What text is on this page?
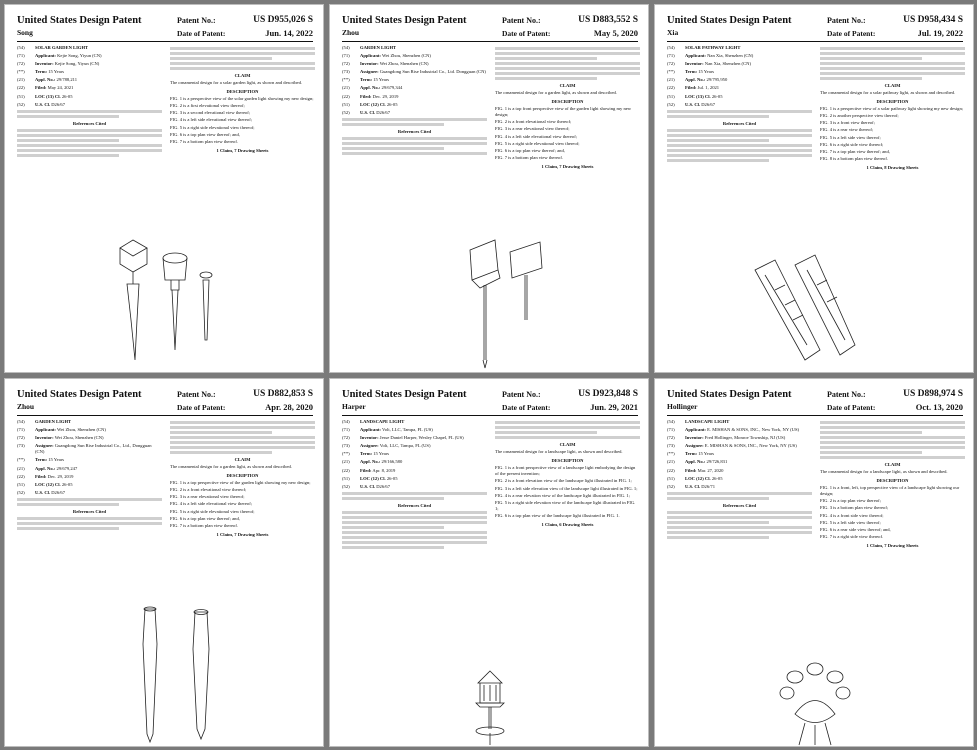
United States Design Patent
Song
Patent No.:	US D955,026 S
Date of Patent:	Jun. 14, 2022
(54)	SOLAR GARDEN LIGHT
(71)	Applicant: Kejie Song, Yiyun (CN)
(72)	Inventor: Kejie Song, Yiyun (CN)
(**)	Term: 15 Years
(21)	Appl. No.: 29/788,211
(22)	Filed: May 24, 2021
(51)	LOC (13) Cl. 26-05
(52)	U.S. Cl. D26/67
References Cited
CLAIM
The ornamental design for a solar garden light, as shown and described.
DESCRIPTION
FIG. 1 is a perspective view of the solar garden light showing my new design;
FIG. 2 is a first elevational view thereof;
FIG. 3 is a second elevational view thereof;
FIG. 4 is a left side elevational view thereof;
FIG. 5 is a right side elevational view thereof;
FIG. 6 is a top plan view thereof; and,
FIG. 7 is a bottom plan view thereof.
1 Claim, 7 Drawing Sheets
United States Design Patent
Zhou
Patent No.:	US D883,552 S
Date of Patent:	May 5, 2020
(54)	GARDEN LIGHT
(71)	Applicant: Wei Zhou, Shenzhen (CN)
(72)	Inventor: Wei Zhou, Shenzhen (CN)
(73)	Assignee: Guangdong Sun Rise Industrial Co., Ltd. Dongguan (CN)
(**)	Term: 15 Years
(21)	Appl. No.: 29/679,344
(22)	Filed: Dec. 29, 2019
(51)	LOC (12) Cl. 26-05
(52)	U.S. Cl. D26/67
References Cited
CLAIM
The ornamental design for a garden light, as shown and described.
DESCRIPTION
FIG. 1 is a top front perspective view of the garden light showing my new design;
FIG. 2 is a front elevational view thereof;
FIG. 3 is a rear elevational view thereof;
FIG. 4 is a left side elevational view thereof;
FIG. 5 is a right side elevational view thereof;
FIG. 6 is a top plan view thereof; and,
FIG. 7 is a bottom plan view thereof.
1 Claim, 7 Drawing Sheets
United States Design Patent
Xia
Patent No.:	US D958,434 S
Date of Patent:	Jul. 19, 2022
(54)	SOLAR PATHWAY LIGHT
(71)	Applicant: Nan Xia, Shenzhen (CN)
(72)	Inventor: Nan Xia, Shenzhen (CN)
(**)	Term: 15 Years
(21)	Appl. No.: 29/795,950
(22)	Filed: Jul. 1, 2021
(51)	LOC (13) Cl. 26-05
(52)	U.S. Cl. D26/67
References Cited
CLAIM
The ornamental design for a solar pathway light, as shown and described.
DESCRIPTION
FIG. 1 is a perspective view of a solar pathway light showing my new design;
FIG. 2 is another perspective view thereof;
FIG. 3 is a front view thereof;
FIG. 4 is a rear view thereof;
FIG. 5 is a left side view thereof;
FIG. 6 is a right side view thereof;
FIG. 7 is a top plan view thereof; and,
FIG. 8 is a bottom plan view thereof.
1 Claim, 8 Drawing Sheets
United States Design Patent
Zhou
Patent No.:	US D882,853 S
Date of Patent:	Apr. 28, 2020
(54)	GARDEN LIGHT
(71)	Applicant: Wei Zhou, Shenzhen (CN)
(72)	Inventor: Wei Zhou, Shenzhen (CN)
(73)	Assignee: Guangdong Sun Rise Industrial Co., Ltd., Dongguan (CN)
(**)	Term: 15 Years
(21)	Appl. No.: 29/679,247
(22)	Filed: Dec. 29, 2019
(51)	LOC (12) Cl. 26-05
(52)	U.S. Cl. D26/67
References Cited
CLAIM
The ornamental design for a garden light, as shown and described.
DESCRIPTION
FIG. 1 is a top perspective view of the garden light showing my new design;
FIG. 2 is a front elevational view thereof;
FIG. 3 is a rear elevational view thereof;
FIG. 4 is a left side elevational view thereof;
FIG. 5 is a right side elevational view thereof;
FIG. 6 is a top plan view thereof; and,
FIG. 7 is a bottom plan view thereof.
1 Claim, 7 Drawing Sheets
United States Design Patent
Harper
Patent No.:	US D923,848 S
Date of Patent:	Jun. 29, 2021
(54)	LANDSCAPE LIGHT
(71)	Applicant: Volt, LLC, Tampa, FL (US)
(72)	Inventor: Jesse Daniel Harper, Wesley Chapel, FL (US)
(73)	Assignee: Volt, LLC, Tampa, FL (US)
(**)	Term: 15 Years
(21)	Appl. No.: 29/166,580
(22)	Filed: Apr. 8, 2019
(51)	LOC (12) Cl. 26-05
(52)	U.S. Cl. D26/67
References Cited
CLAIM
The ornamental design for a landscape light, as shown and described.
DESCRIPTION
FIG. 1 is a front perspective view of a landscape light embodying the design of the present invention;
FIG. 2 is a front elevation view of the landscape light illustrated in FIG. 1;
FIG. 3 is a left side elevation view of the landscape light illustrated in FIG. 1;
FIG. 4 is a rear elevation view of the landscape light illustrated in FIG. 1;
FIG. 5 is a right side elevation view of the landscape light illustrated in FIG. 1;
FIG. 6 is a top plan view of the landscape light illustrated in FIG. 1.
1 Claim, 6 Drawing Sheets
United States Design Patent
Hollinger
Patent No.:	US D898,974 S
Date of Patent:	Oct. 13, 2020
(54)	LANDSCAPE LIGHT
(71)	Applicant: E. MISHAN & SONS, INC., New York, NY (US)
(72)	Inventor: Fred Hollinger, Monroe Township, NJ (US)
(73)	Assignee: E. MISHAN & SONS, INC., New York, NY (US)
(**)	Term: 15 Years
(21)	Appl. No.: 29/726,831
(22)	Filed: Mar. 27, 2020
(51)	LOC (12) Cl. 26-05
(52)	U.S. Cl. D26/71
References Cited
CLAIM
The ornamental design for a landscape light, as shown and described.
DESCRIPTION
FIG. 1 is a front, left, top perspective view of a landscape light showing our design;
FIG. 2 is a top plan view thereof;
FIG. 3 is a bottom plan view thereof;
FIG. 4 is a front side view thereof;
FIG. 5 is a left side view thereof;
FIG. 6 is a rear side view thereof; and,
FIG. 7 is a right side view thereof.
1 Claim, 7 Drawing Sheets
